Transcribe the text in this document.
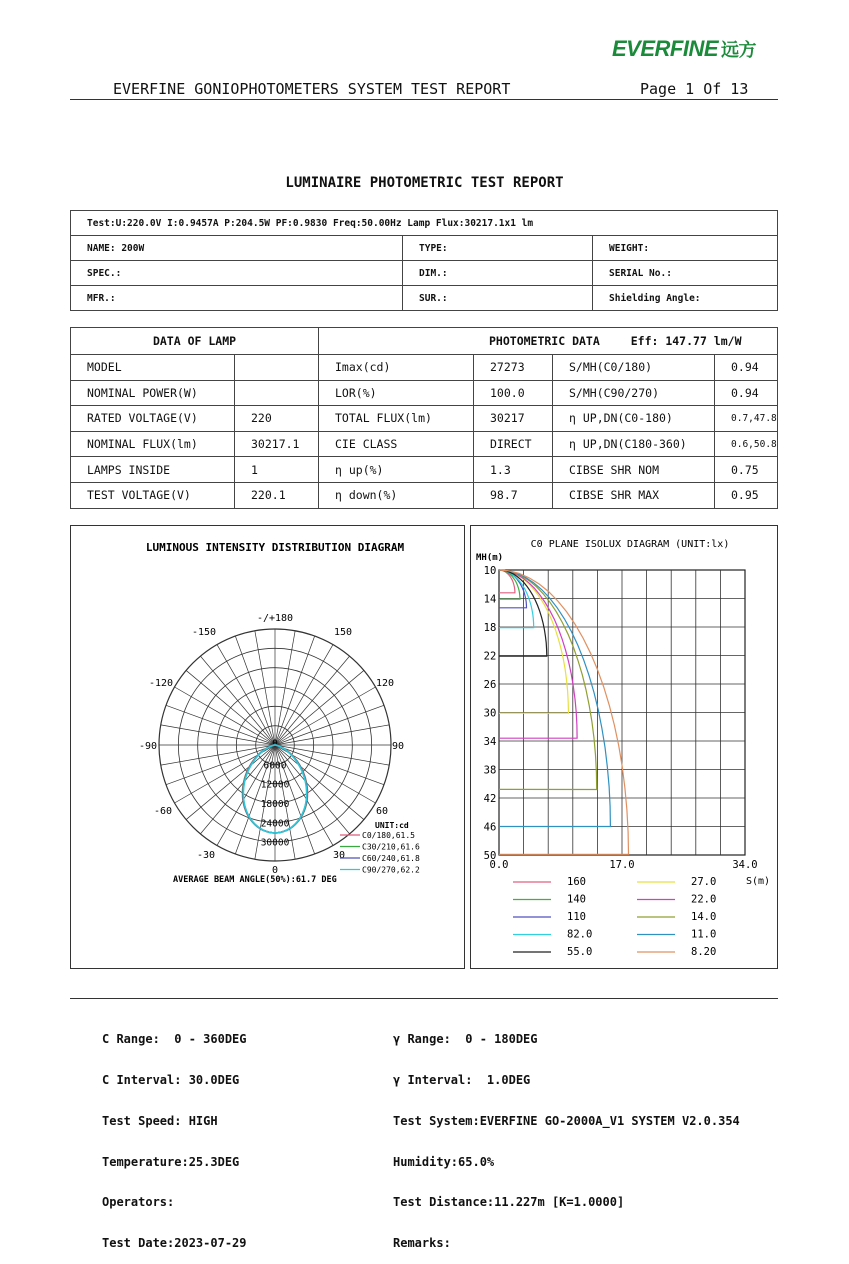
EVERFINE 远方
EVERFINE GONIOPHOTOMETERS SYSTEM TEST REPORT	Page 1 Of 13
LUMINAIRE PHOTOMETRIC TEST REPORT
Test:U:220.0V I:0.9457A P:204.5W PF:0.9830 Freq:50.00Hz Lamp Flux:30217.1x1 lm		
NAME: 200W	TYPE:	WEIGHT:
SPEC.:	DIM.:	SERIAL No.:
MFR.:	SUR.:	Shielding Angle:
DATA OF LAMP		PHOTOMETRIC DATA Eff: 147.77 lm/W			
MODEL		Imax(cd)	27273	S/MH(C0/180)	0.94
NOMINAL POWER(W)		LOR(%)	100.0	S/MH(C90/270)	0.94
RATED VOLTAGE(V)	220	TOTAL FLUX(lm)	30217	η UP,DN(C0-180)	0.7,47.8
NOMINAL FLUX(lm)	30217.1	CIE CLASS	DIRECT	η UP,DN(C180-360)	0.6,50.8
LAMPS INSIDE	1	η up(%)	1.3	CIBSE SHR NOM	0.75
TEST VOLTAGE(V)	220.1	η down(%)	98.7	CIBSE SHR MAX	0.95
LUMINOUS INTENSITY DISTRIBUTION DIAGRAM
-/+180
-150	150
-120	120
-90	90
-60	60
-30	30
0
0
6000
12000
18000
24000
30000
UNIT:cd
C0/180,61.5
C30/210,61.6
C60/240,61.8
C90/270,62.2
AVERAGE BEAM ANGLE(50%):61.7 DEG
C0 PLANE ISOLUX DIAGRAM (UNIT:lx)
MH(m)
10
14
18
22
26
30
34
38
42
46
50
0.0	17.0	34.0
S(m)
160	27.0
140	22.0
110	14.0
82.0	11.0
55.0	8.20

C Range:  0 - 360DEG

C Interval: 30.0DEG

Test Speed: HIGH

Temperature:25.3DEG

Operators:

Test Date:2023-07-29

γ Range:  0 - 180DEG

γ Interval:  1.0DEG

Test System:EVERFINE GO-2000A_V1 SYSTEM V2.0.354

Humidity:65.0%

Test Distance:11.227m [K=1.0000]

Remarks:
